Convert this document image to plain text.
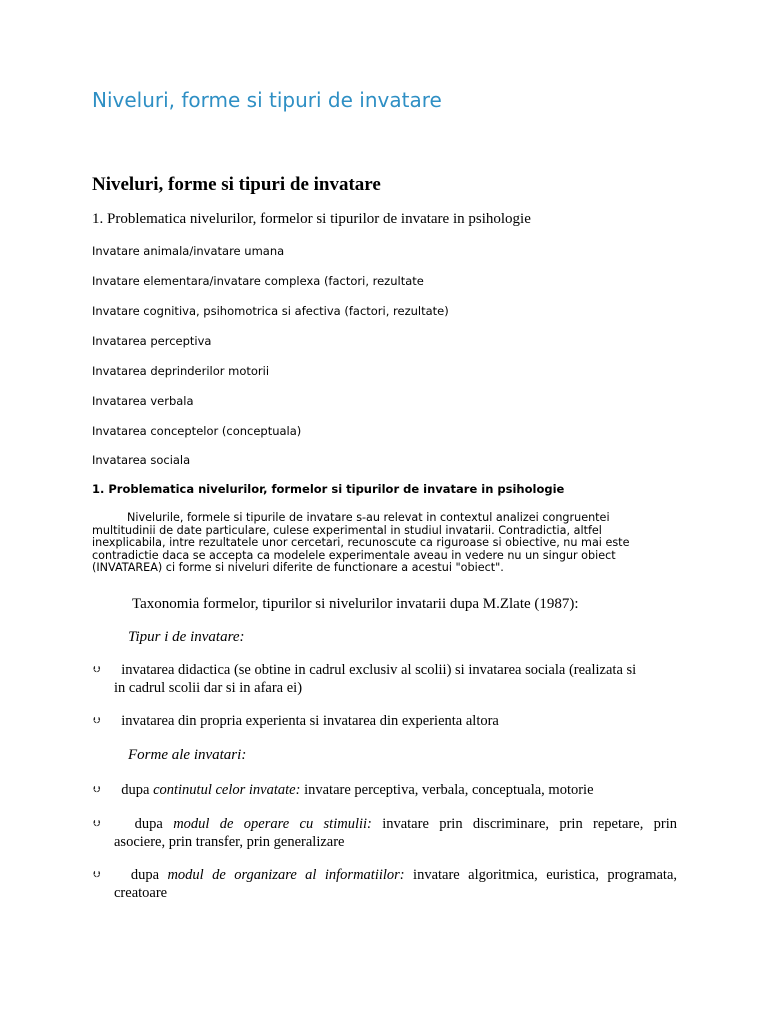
Niveluri, forme si tipuri de invatare
Niveluri, forme si tipuri de invatare
1. Problematica nivelurilor, formelor si tipurilor de invatare in psihologie
Invatare animala/invatare umana
Invatare elementara/invatare complexa (factori, rezultate
Invatare cognitiva, psihomotrica si afectiva (factori, rezultate)
Invatarea perceptiva
Invatarea deprinderilor motorii
Invatarea verbala
Invatarea conceptelor (conceptuala)
Invatarea sociala
1. Problematica nivelurilor, formelor si tipurilor de invatare in psihologie
Nivelurile, formele si tipurile de invatare s-au relevat in contextul analizei congruentei
multitudinii de date particulare, culese experimental in studiul invatarii. Contradictia, altfel
inexplicabila, intre rezultatele unor cercetari, recunoscute ca riguroase si obiective, nu mai este
contradictie daca se accepta ca modelele experimentale aveau in vedere nu un singur obiect
(INVATAREA) ci forme si niveluri diferite de functionare a acestui "obiect".
Taxonomia formelor, tipurilor si nivelurilor invatarii dupa M.Zlate (1987):
Tipur i de invatare:
⮋	invatarea didactica (se obtine in cadrul exclusiv al scolii) si invatarea sociala (realizata si
in cadrul scolii dar si in afara ei)
⮋	invatarea din propria experienta si invatarea din experienta altora
Forme ale invatari:
⮋	dupa continutul celor invatate: invatare perceptiva, verbala, conceptuala, motorie
⮋	dupa modul de operare cu stimulii: invatare prin discriminare, prin repetare, prin
asociere, prin transfer, prin generalizare
⮋	dupa modul de organizare al informatiilor: invatare algoritmica, euristica, programata,
creatoare
